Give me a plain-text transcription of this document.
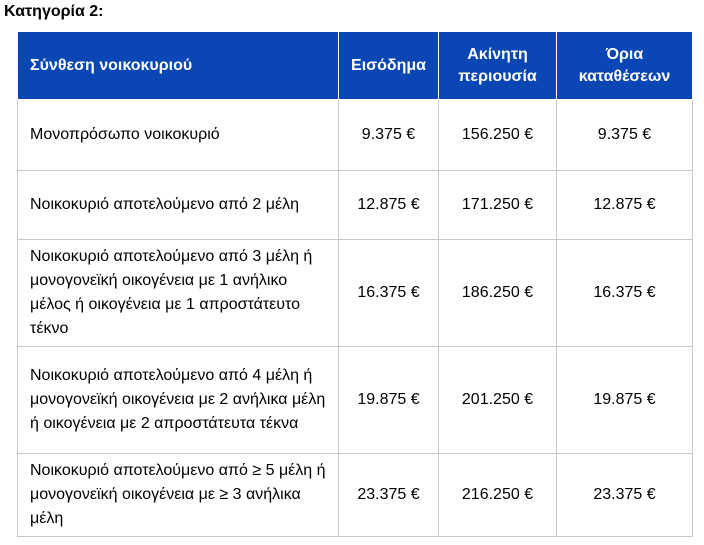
Κατηγορία 2:
Σύνθεση νοικοκυριού	Εισόδημα	Ακίνητη περιουσία	Όρια καταθέσεων
Μονοπρόσωπο νοικοκυριό	9.375 €	156.250 €	9.375 €
Νοικοκυριό αποτελούμενο από 2 μέλη	12.875 €	171.250 €	12.875 €
Νοικοκυριό αποτελούμενο από 3 μέλη ή μονογονεϊκή οικογένεια με 1 ανήλικο μέλος ή οικογένεια με 1 απροστάτευτο τέκνο	16.375 €	186.250 €	16.375 €
Νοικοκυριό αποτελούμενο από 4 μέλη ή μονογονεϊκή οικογένεια με 2 ανήλικα μέλη ή οικογένεια με 2 απροστάτευτα τέκνα	19.875 €	201.250 €	19.875 €
Νοικοκυριό αποτελούμενο από ≥ 5 μέλη ή μονογονεϊκή οικογένεια με ≥ 3 ανήλικα μέλη	23.375 €	216.250 €	23.375 €
